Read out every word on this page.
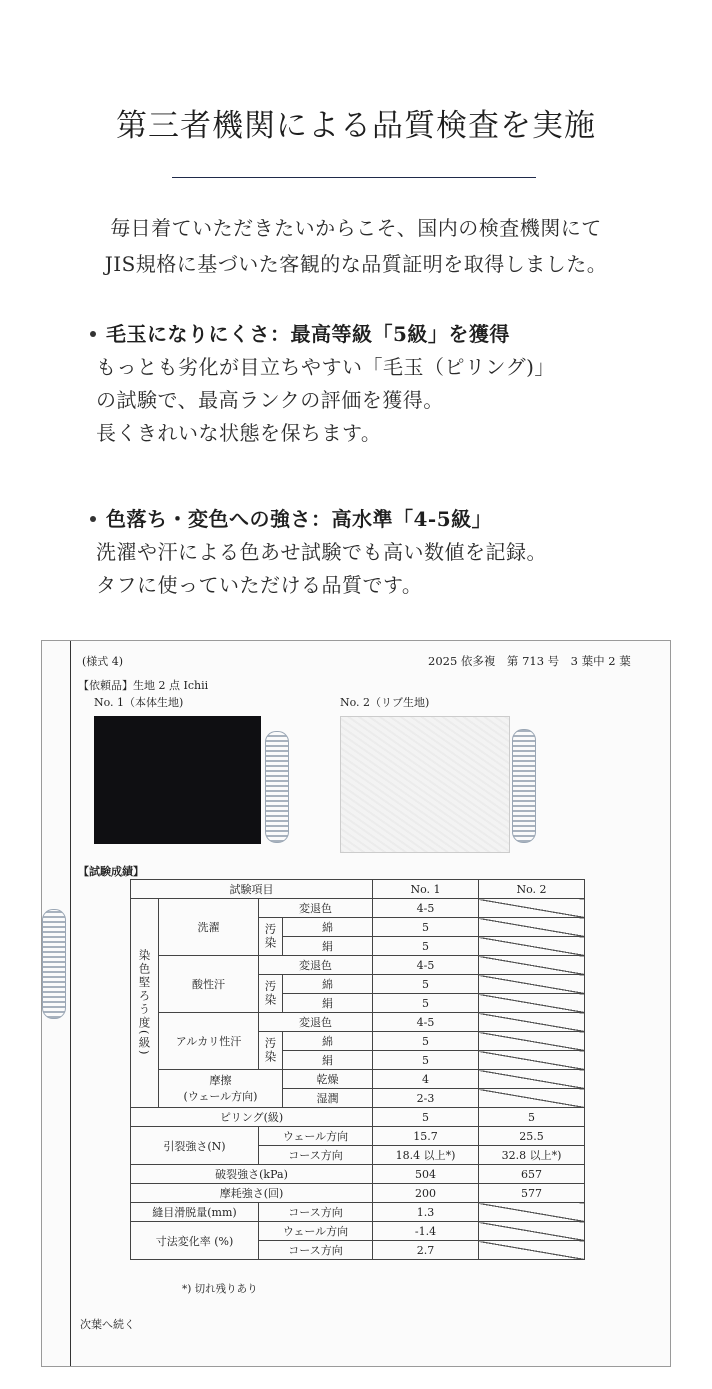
第三者機関による品質検査を実施
毎日着ていただきたいからこそ、国内の検査機関にて
JIS規格に基づいた客観的な品質証明を取得しました。
毛玉になりにくさ：最高等級「5級」を獲得
もっとも劣化が目立ちやすい「毛玉（ピリング)」
の試験で、最高ランクの評価を獲得。
長くきれいな状態を保ちます。
色落ち・変色への強さ：高水準「4-5級」
洗濯や汗による色あせ試験でも高い数値を記録。
タフに使っていただける品質です。
(様式 4)	2025 依多複　第 713 号　3 葉中 2 葉
【依頼品】生地 2 点 Ichii
No. 1（本体生地)	No. 2（リブ生地)
【試験成績】
試験項目				No. 1	No. 2
染色堅ろう度(級)	洗濯	変退色		4-5	
		汚染	綿	5	
			絹	5	
	酸性汗	変退色		4-5	
		汚染	綿	5	
			絹	5	
	アルカリ性汗	変退色		4-5	
		汚染	綿	5	
			絹	5	

	摩擦
(ウェール方向)		乾燥	4	
			湿潤	2-3	
ピリング(級)				5	5
引裂強さ(N)		ウェール方向		15.7	25.5
		コース方向		18.4 以上*)	32.8 以上*)
破裂強さ(kPa)				504	657
摩耗強さ(回)				200	577
縫目滑脱量(mm)		コース方向		1.3	
寸法変化率 (%)		ウェール方向		-1.4	
		コース方向		2.7	
*) 切れ残りあり
次葉へ続く
